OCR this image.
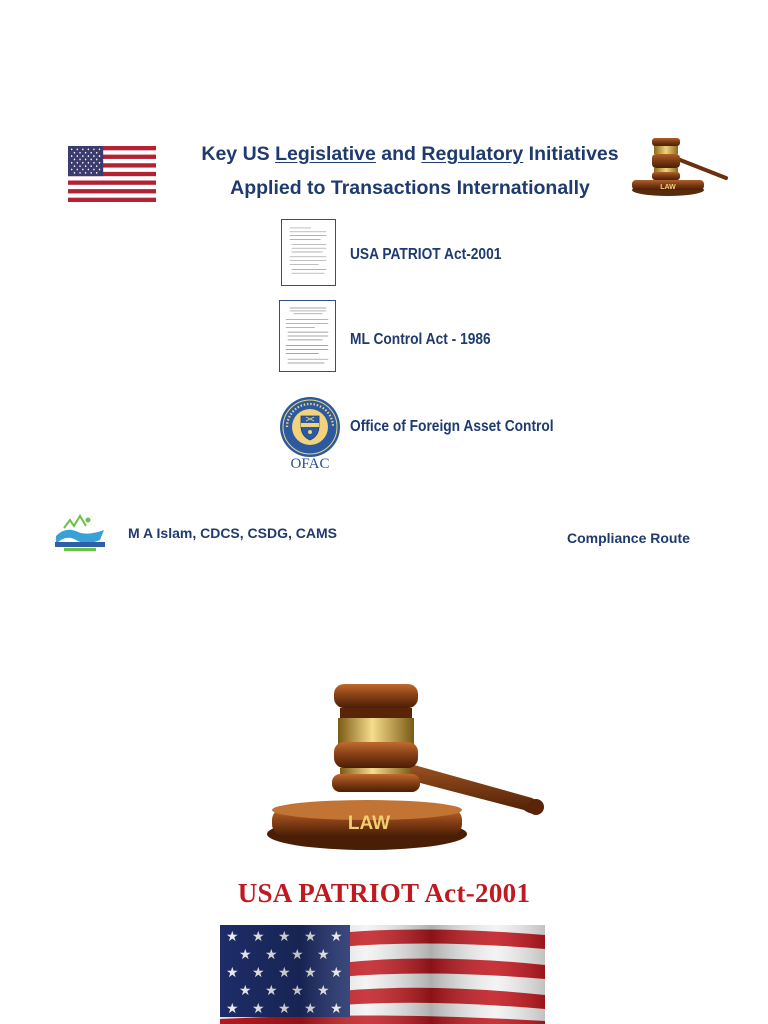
Key US Legislative and Regulatory Initiatives
Applied to Transactions Internationally	LAW
USA PATRIOT Act-2001
ML Control Act - 1986
OFAC
Office of Foreign Asset Control
M A Islam, CDCS, CSDG, CAMS	Compliance Route
LAW
USA PATRIOT Act-2001
